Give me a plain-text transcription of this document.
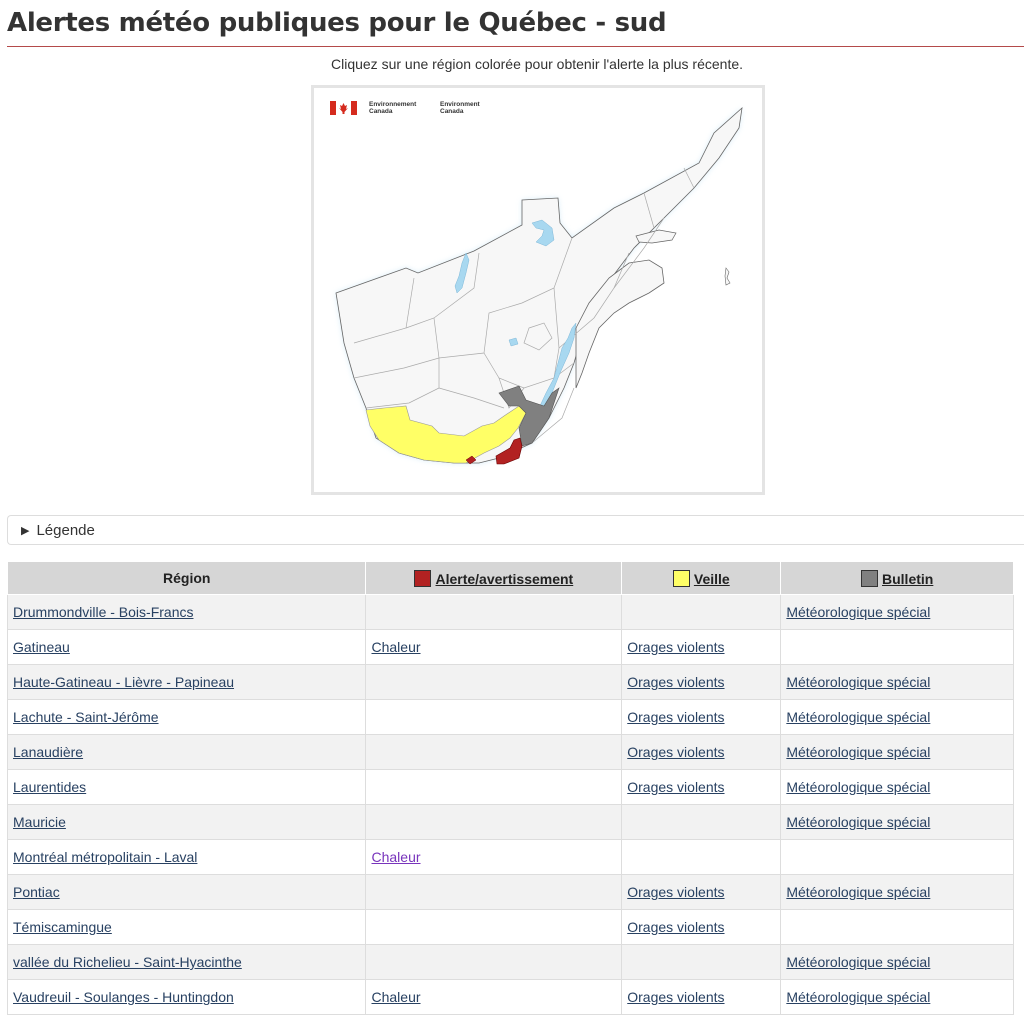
Alertes météo publiques pour le Québec - sud
Cliquez sur une région colorée pour obtenir l'alerte la plus récente.
Environnement Canada
Environment Canada
▶ Légende
Région	Alerte/avertissement	Veille	Bulletin
Drummondville - Bois-Francs			Météorologique spécial
Gatineau	Chaleur	Orages violents	
Haute-Gatineau - Lièvre - Papineau		Orages violents	Météorologique spécial
Lachute - Saint-Jérôme		Orages violents	Météorologique spécial
Lanaudière		Orages violents	Météorologique spécial
Laurentides		Orages violents	Météorologique spécial
Mauricie			Météorologique spécial
Montréal métropolitain - Laval	Chaleur		
Pontiac		Orages violents	Météorologique spécial
Témiscamingue		Orages violents	
vallée du Richelieu - Saint-Hyacinthe			Météorologique spécial
Vaudreuil - Soulanges - Huntingdon	Chaleur	Orages violents	Météorologique spécial
